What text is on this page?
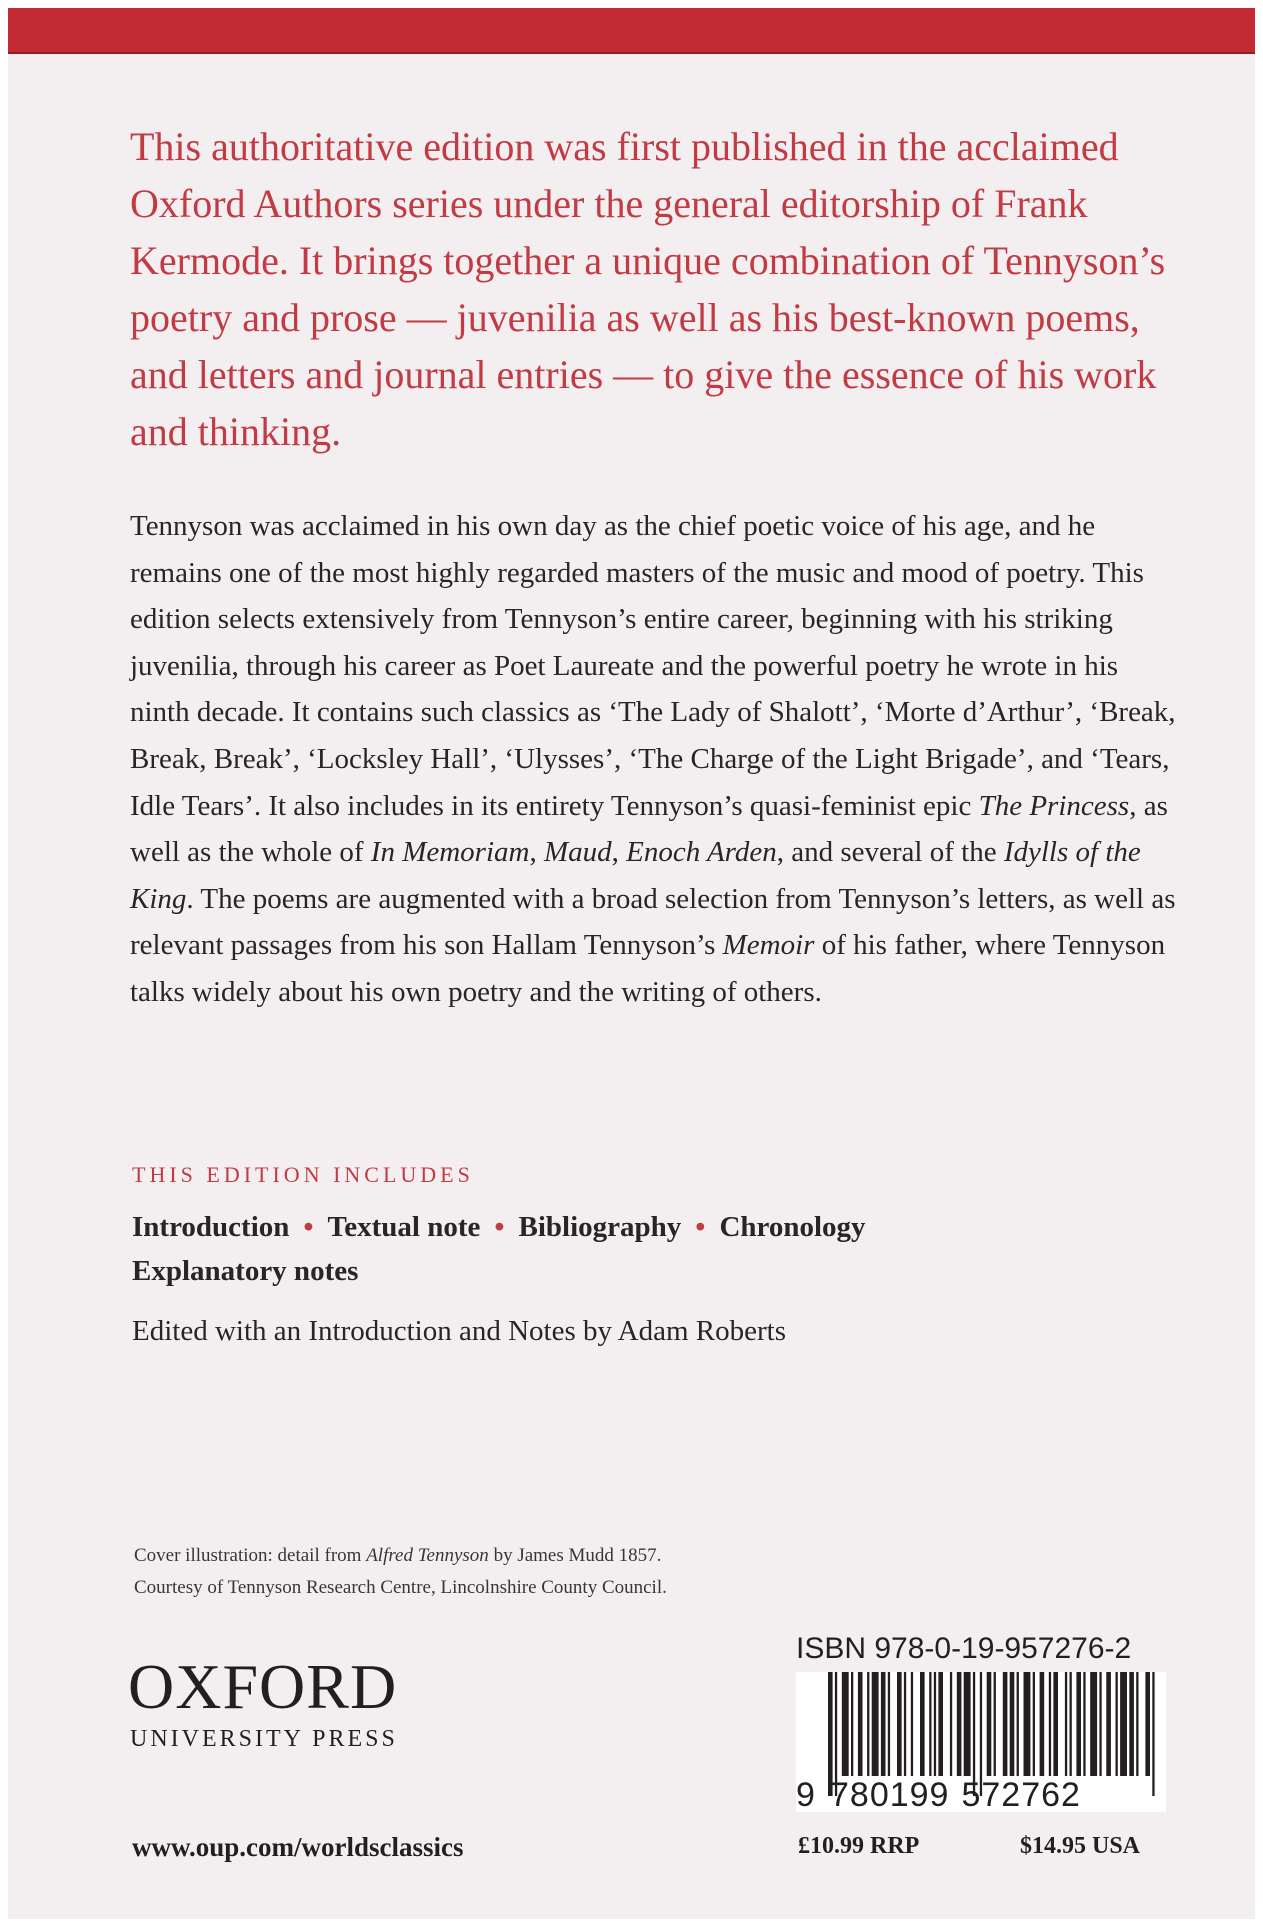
This authoritative edition was first published in the acclaimed Oxford Authors series under the general editorship of Frank Kermode. It brings together a unique combination of Tennyson’s poetry and prose — juvenilia as well as his best-known poems, and letters and journal entries — to give the essence of his work and thinking.

Tennyson was acclaimed in his own day as the chief poetic voice of his age, and he remains one of the most highly regarded masters of the music and mood of poetry. This edition selects extensively from Tennyson’s entire career, beginning with his striking juvenilia, through his career as Poet Laureate and the powerful poetry he wrote in his ninth decade. It contains such classics as ‘The Lady of Shalott’, ‘Morte d’Arthur’, ‘Break, Break, Break’, ‘Locksley Hall’, ‘Ulysses’, ‘The Charge of the Light Brigade’, and ‘Tears, Idle Tears’. It also includes in its entirety Tennyson’s quasi-feminist epic The Princess, as well as the whole of In Memoriam, Maud, Enoch Arden, and several of the Idylls of the King. The poems are augmented with a broad selection from Tennyson’s letters, as well as relevant passages from his son Hallam Tennyson’s Memoir of his father, where Tennyson talks widely about his own poetry and the writing of others.

THIS EDITION INCLUDES
Introduction • Textual note • Bibliography • Chronology
Explanatory notes
Edited with an Introduction and Notes by Adam Roberts
Cover illustration: detail from Alfred Tennyson by James Mudd 1857.
Courtesy of Tennyson Research Centre, Lincolnshire County Council.
OXFORD
UNIVERSITY PRESS
www.oup.com/worldsclassics
ISBN 978-0-19-957276-2
9 780199 572762
£10.99 RRP	$14.95 USA
